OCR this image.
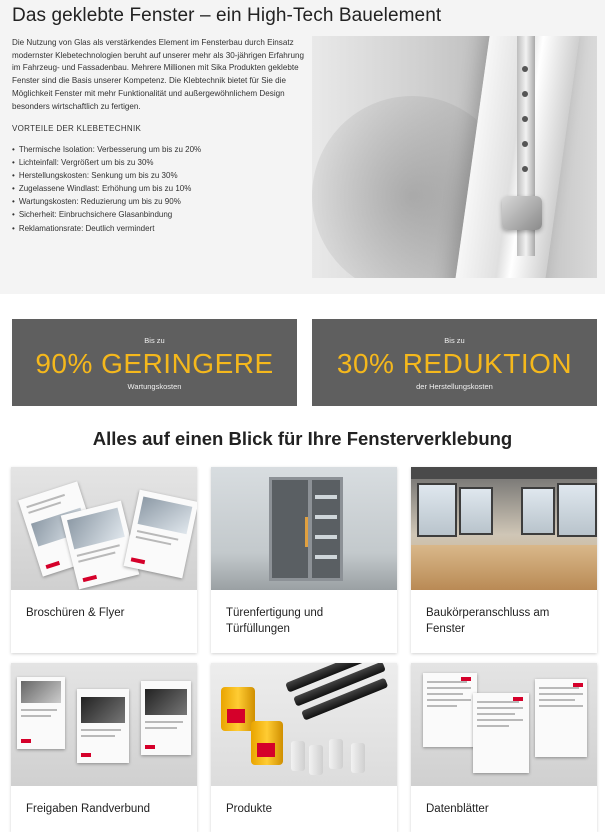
Das geklebte Fenster – ein High-Tech Bauelement

Die Nutzung von Glas als verstärkendes Element im Fensterbau durch Einsatz modernster Klebetechnologien beruht auf unserer mehr als 30-jährigen Erfahrung im Fahrzeug- und Fassadenbau. Mehrere Millionen mit Sika Produkten geklebte Fenster sind die Basis unserer Kompetenz. Die Klebtechnik bietet für Sie die Möglichkeit Fenster mit mehr Funktionalität und außergewöhnlichem Design besonders wirtschaftlich zu fertigen.

VORTEILE DER KLEBETECHNIK
• Thermische Isolation: Verbesserung um bis zu 20%
• Lichteinfall: Vergrößert um bis zu 30%
• Herstellungskosten: Senkung um bis zu 30%
• Zugelassene Windlast: Erhöhung um bis zu 10%
• Wartungskosten: Reduzierung um bis zu 90%
• Sicherheit: Einbruchsichere Glasanbindung
• Reklamationsrate: Deutlich vermindert
Bis zu
90% GERINGERE
Wartungskosten
Bis zu
30% REDUKTION
der Herstellungskosten
Alles auf einen Blick für Ihre Fensterverklebung
Broschüren & Flyer	Türenfertigung und Türfüllungen
Baukörperanschluss am Fenster
Freigaben Randverbund	Produkte	Datenblätter
